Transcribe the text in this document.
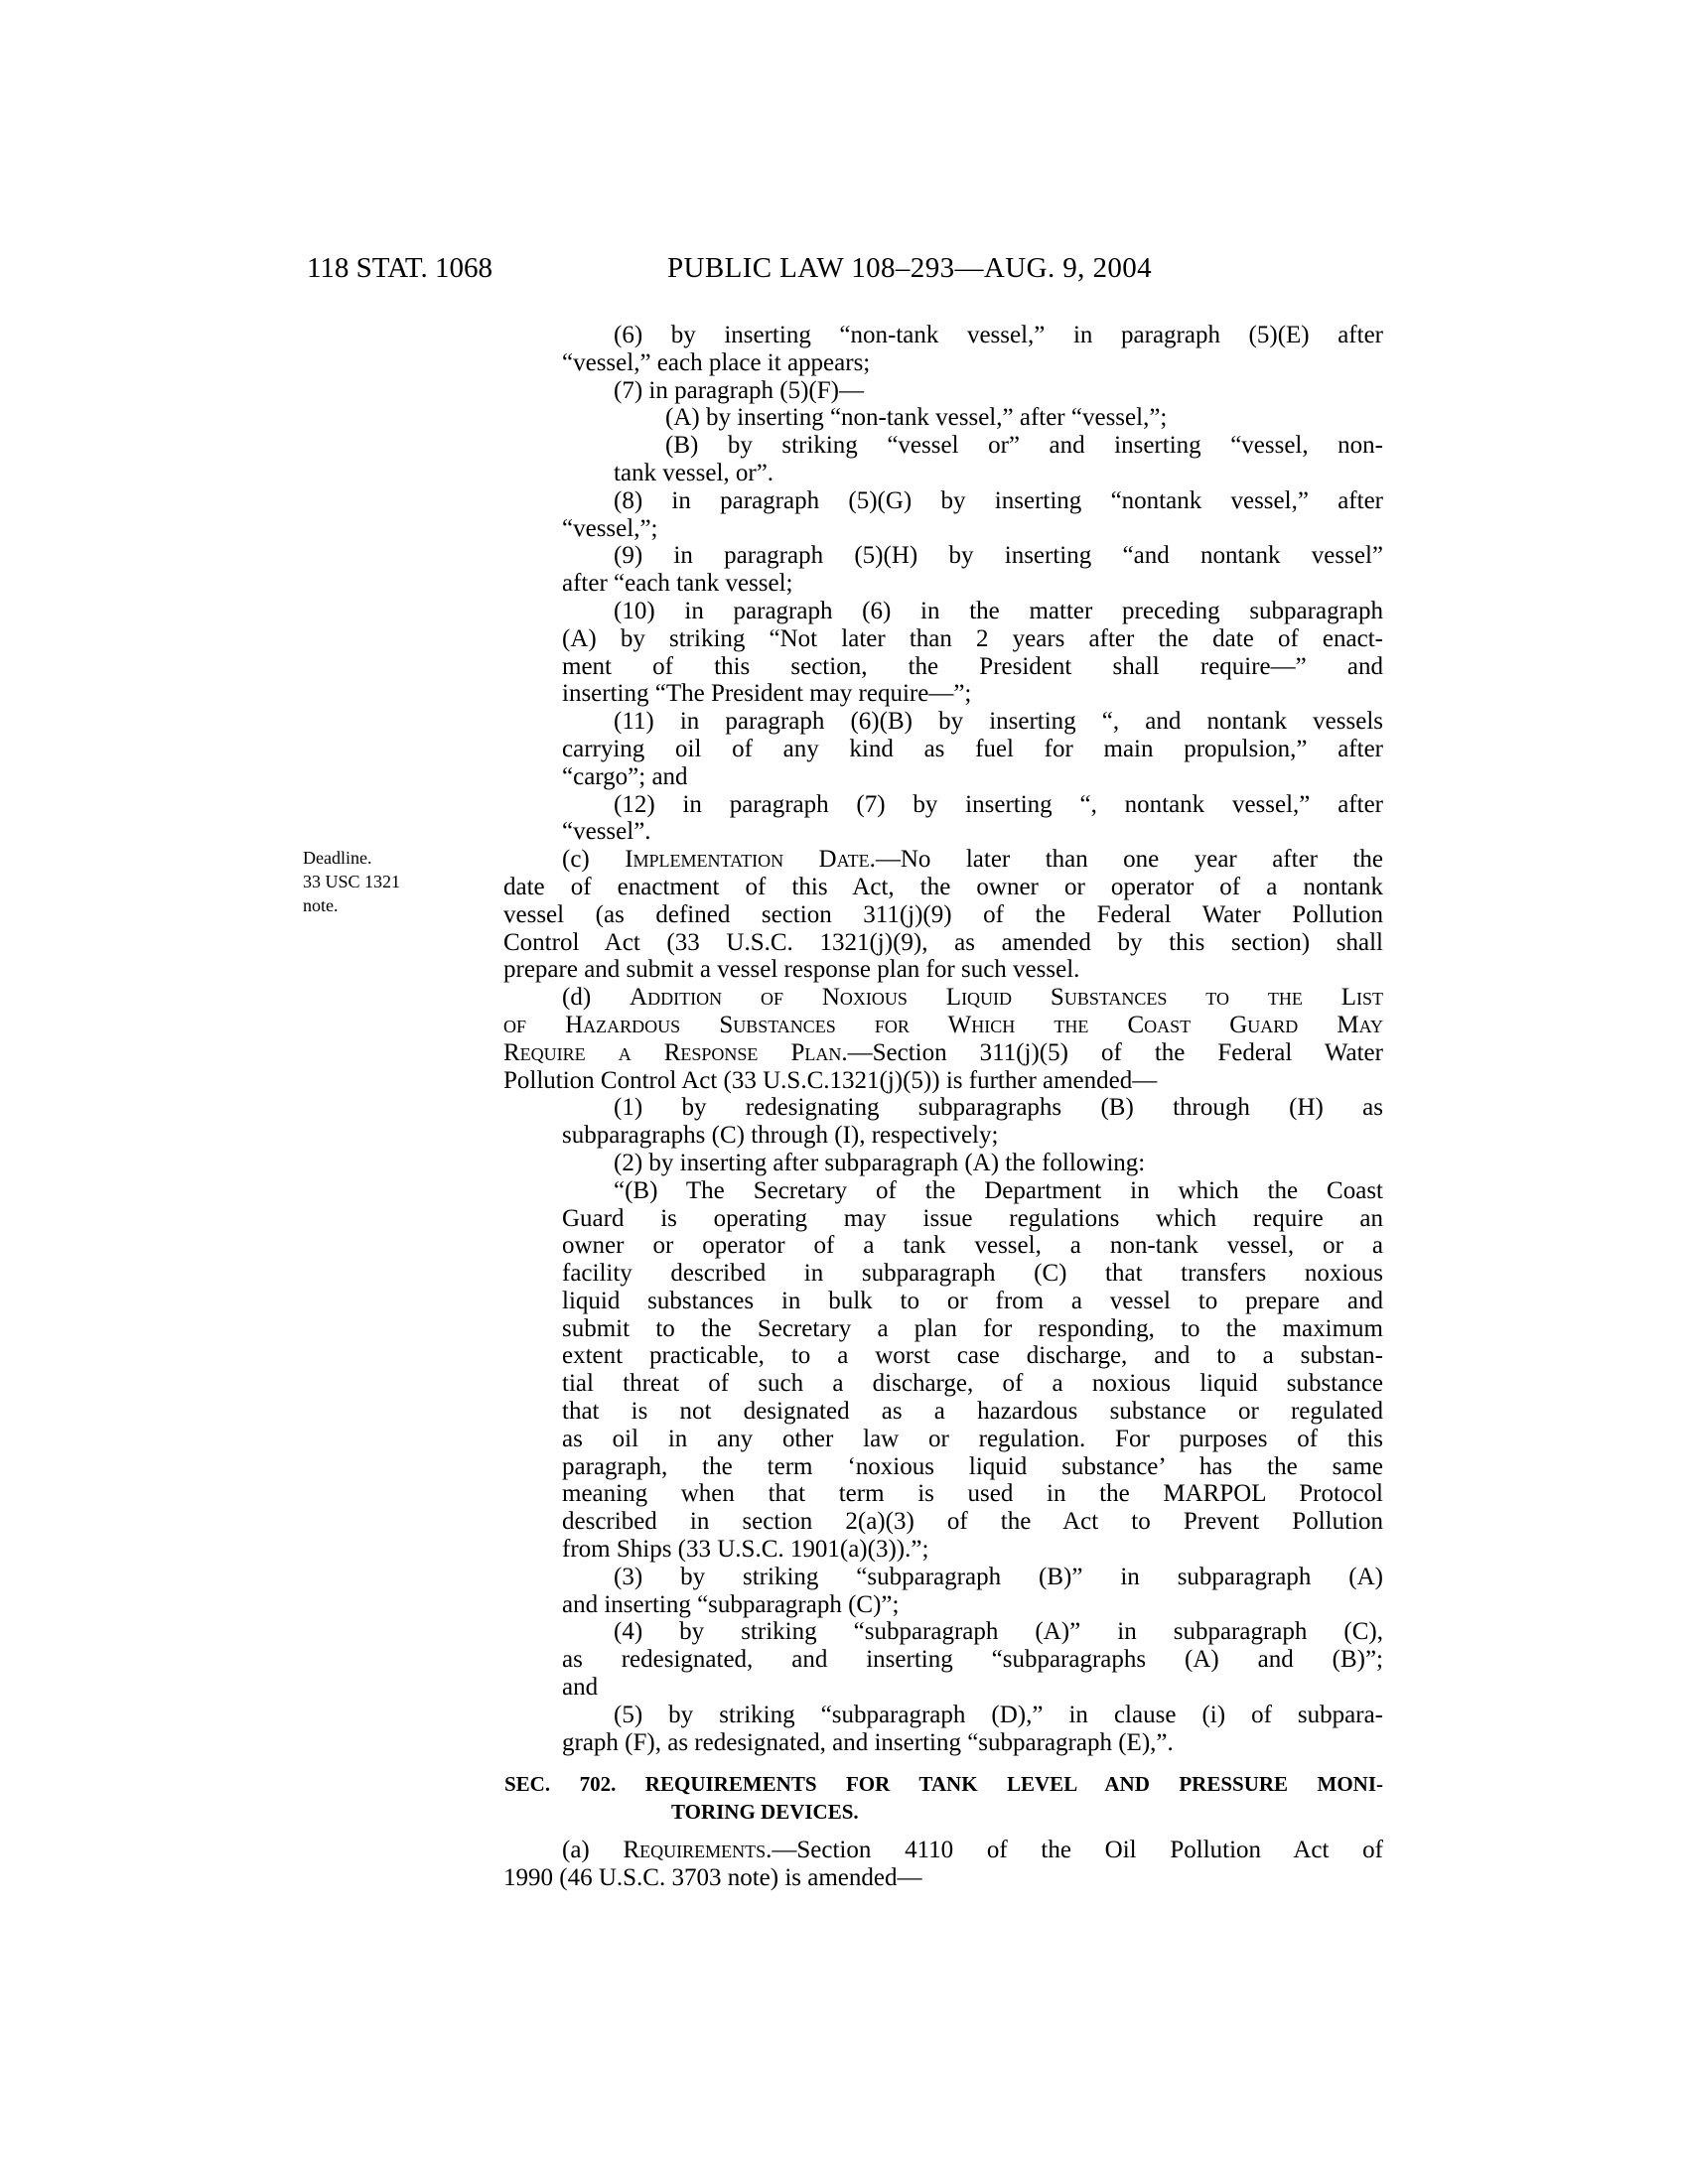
118 STAT. 1068	PUBLIC LAW 108–293—AUG. 9, 2004
Deadline.
33 USC 1321
note.
(6) by inserting “non-tank vessel,” in paragraph (5)(E) after
“vessel,” each place it appears;
(7) in paragraph (5)(F)—
(A) by inserting “non-tank vessel,” after “vessel,”;
(B) by striking “vessel or” and inserting “vessel, non-
tank vessel, or”.
(8) in paragraph (5)(G) by inserting “nontank vessel,” after
“vessel,”;
(9) in paragraph (5)(H) by inserting “and nontank vessel”
after “each tank vessel;
(10) in paragraph (6) in the matter preceding subparagraph
(A) by striking “Not later than 2 years after the date of enact-
ment of this section, the President shall require—” and
inserting “The President may require—”;
(11) in paragraph (6)(B) by inserting “, and nontank vessels
carrying oil of any kind as fuel for main propulsion,” after
“cargo”; and
(12) in paragraph (7) by inserting “, nontank vessel,” after
“vessel”.
(c) Implementation Date.—No later than one year after the
date of enactment of this Act, the owner or operator of a nontank
vessel (as defined section 311(j)(9) of the Federal Water Pollution
Control Act (33 U.S.C. 1321(j)(9), as amended by this section) shall
prepare and submit a vessel response plan for such vessel.
(d) Addition of Noxious Liquid Substances to the List
of Hazardous Substances for Which the Coast Guard May
Require a Response Plan.—Section 311(j)(5) of the Federal Water
Pollution Control Act (33 U.S.C.1321(j)(5)) is further amended—
(1) by redesignating subparagraphs (B) through (H) as
subparagraphs (C) through (I), respectively;
(2) by inserting after subparagraph (A) the following:
“(B) The Secretary of the Department in which the Coast
Guard is operating may issue regulations which require an
owner or operator of a tank vessel, a non-tank vessel, or a
facility described in subparagraph (C) that transfers noxious
liquid substances in bulk to or from a vessel to prepare and
submit to the Secretary a plan for responding, to the maximum
extent practicable, to a worst case discharge, and to a substan-
tial threat of such a discharge, of a noxious liquid substance
that is not designated as a hazardous substance or regulated
as oil in any other law or regulation. For purposes of this
paragraph, the term ‘noxious liquid substance’ has the same
meaning when that term is used in the MARPOL Protocol
described in section 2(a)(3) of the Act to Prevent Pollution
from Ships (33 U.S.C. 1901(a)(3)).”;
(3) by striking “subparagraph (B)” in subparagraph (A)
and inserting “subparagraph (C)”;
(4) by striking “subparagraph (A)” in subparagraph (C),
as redesignated, and inserting “subparagraphs (A) and (B)”;
and
(5) by striking “subparagraph (D),” in clause (i) of subpara-
graph (F), as redesignated, and inserting “subparagraph (E),”.
SEC. 702. REQUIREMENTS FOR TANK LEVEL AND PRESSURE MONI-
TORING DEVICES.
(a) Requirements.—Section 4110 of the Oil Pollution Act of
1990 (46 U.S.C. 3703 note) is amended—
